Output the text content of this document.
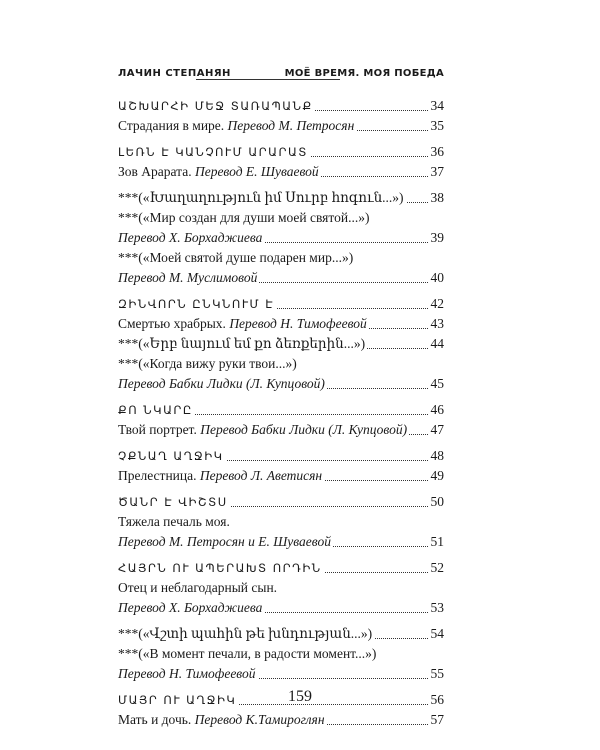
ЛАЧИН СТЕПАНЯН	МОЁ ВРЕМЯ. МОЯ ПОБЕДА
ԱՇԽԱՐՀԻ ՄԵՋ ՏԱՌԱՊԱՆՔ	34
Страдания в мире. Перевод М. Петросян	35
ԼԵՌՆ Է ԿԱՆՉՈՒՄ ԱՐԱՐԱՏ	36
Зов Арарата. Перевод Е. Шуваевой	37
***(«Խաղաղություն իմ Սուրբ հոգուն...») 38
***(«Мир создан для души моей святой...»)
Перевод Х. Борхаджиева	39
***(«Моей святой душе подарен мир...»)
Перевод М. Муслимовой	40
ԶԻՆՎՈՐՆ ԸՆԿՆՈՒՄ Է	42
Смертью храбрых. Перевод Н. Тимофеевой	43
***(«Երբ նայում եմ քո ձեռքերին...»)	44
***(«Когда вижу руки твои...»)
Перевод Бабки Лидки (Л. Купцовой)	45
ՔՈ ՆԿԱՐԸ	46
Твой портрет. Перевод Бабки Лидки (Л. Купцовой) 47
ՉՔՆԱՂ ԱՂՋԻԿ	48
Прелестница. Перевод Л. Аветисян	49
ԾԱՆՐ Է ՎԻՇՏՍ	50
Тяжела печаль моя.
Перевод М. Петросян и Е. Шуваевой	51
ՀԱՅՐՆ ՈՒ ԱՊԵՐԱԽՏ ՈՐԴԻՆ	52
Отец и неблагодарный сын.
Перевод Х. Борхаджиева	53
***(«Վշտի պահին թե խնդության...»)	54
***(«В момент печали, в радости момент...»)
Перевод Н. Тимофеевой	55
ՄԱՅՐ ՈՒ ԱՂՋԻԿ	56
Мать и дочь. Перевод К.Тамироглян	57
159
